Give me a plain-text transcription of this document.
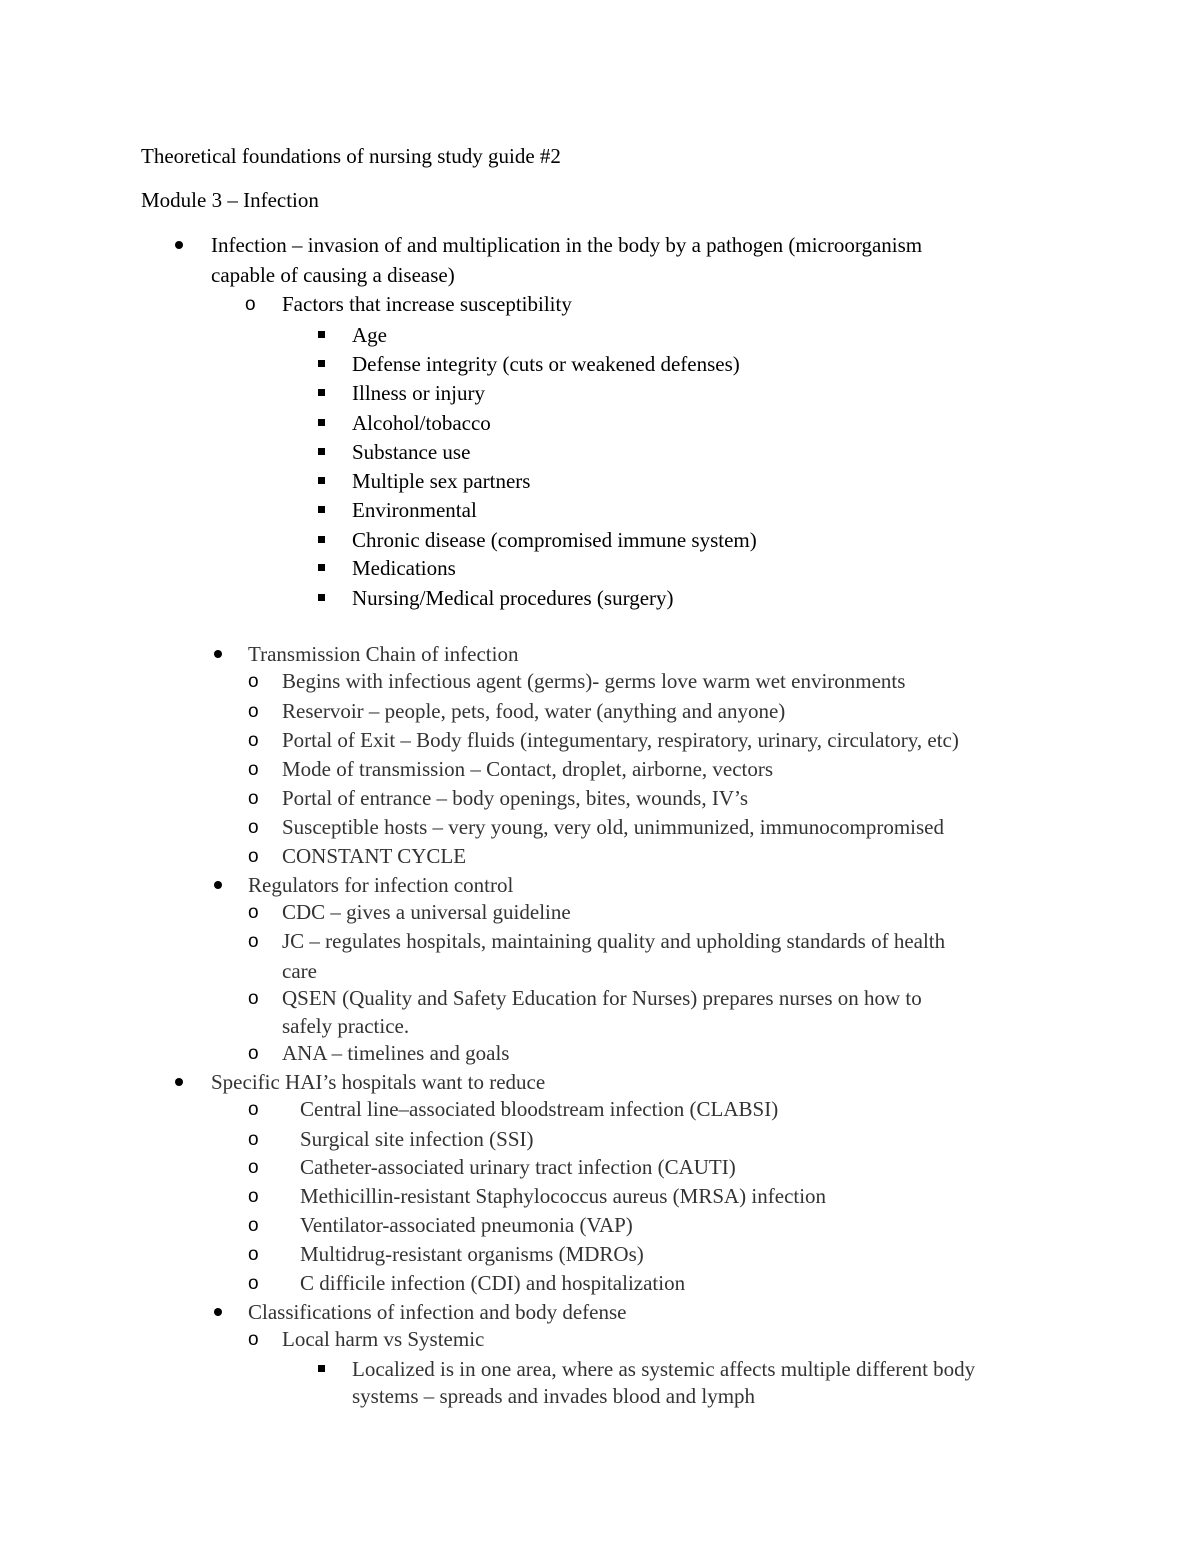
Theoretical foundations of nursing study guide #2
Module 3 – Infection
Infection – invasion of and multiplication in the body by a pathogen (microorganism
capable of causing a disease)
o Factors that increase susceptibility
Age
Defense integrity (cuts or weakened defenses)
Illness or injury
Alcohol/tobacco
Substance use
Multiple sex partners
Environmental
Chronic disease (compromised immune system)
Medications
Nursing/Medical procedures (surgery)
Transmission Chain of infection
o Begins with infectious agent (germs)- germs love warm wet environments
o Reservoir – people, pets, food, water (anything and anyone)
o Portal of Exit – Body fluids (integumentary, respiratory, urinary, circulatory, etc)
o Mode of transmission – Contact, droplet, airborne, vectors
o Portal of entrance – body openings, bites, wounds, IV’s
o Susceptible hosts – very young, very old, unimmunized, immunocompromised
o CONSTANT CYCLE
Regulators for infection control
o CDC – gives a universal guideline
o JC – regulates hospitals, maintaining quality and upholding standards of health
care
o QSEN (Quality and Safety Education for Nurses) prepares nurses on how to
safely practice.
o ANA – timelines and goals
Specific HAI’s hospitals want to reduce
o Central line–associated bloodstream infection (CLABSI)
o Surgical site infection (SSI)
o Catheter-associated urinary tract infection (CAUTI)
o Methicillin-resistant Staphylococcus aureus (MRSA) infection
o Ventilator-associated pneumonia (VAP)
o Multidrug-resistant organisms (MDROs)
o C difficile infection (CDI) and hospitalization
Classifications of infection and body defense
o Local harm vs Systemic
Localized is in one area, where as systemic affects multiple different body
systems – spreads and invades blood and lymph
